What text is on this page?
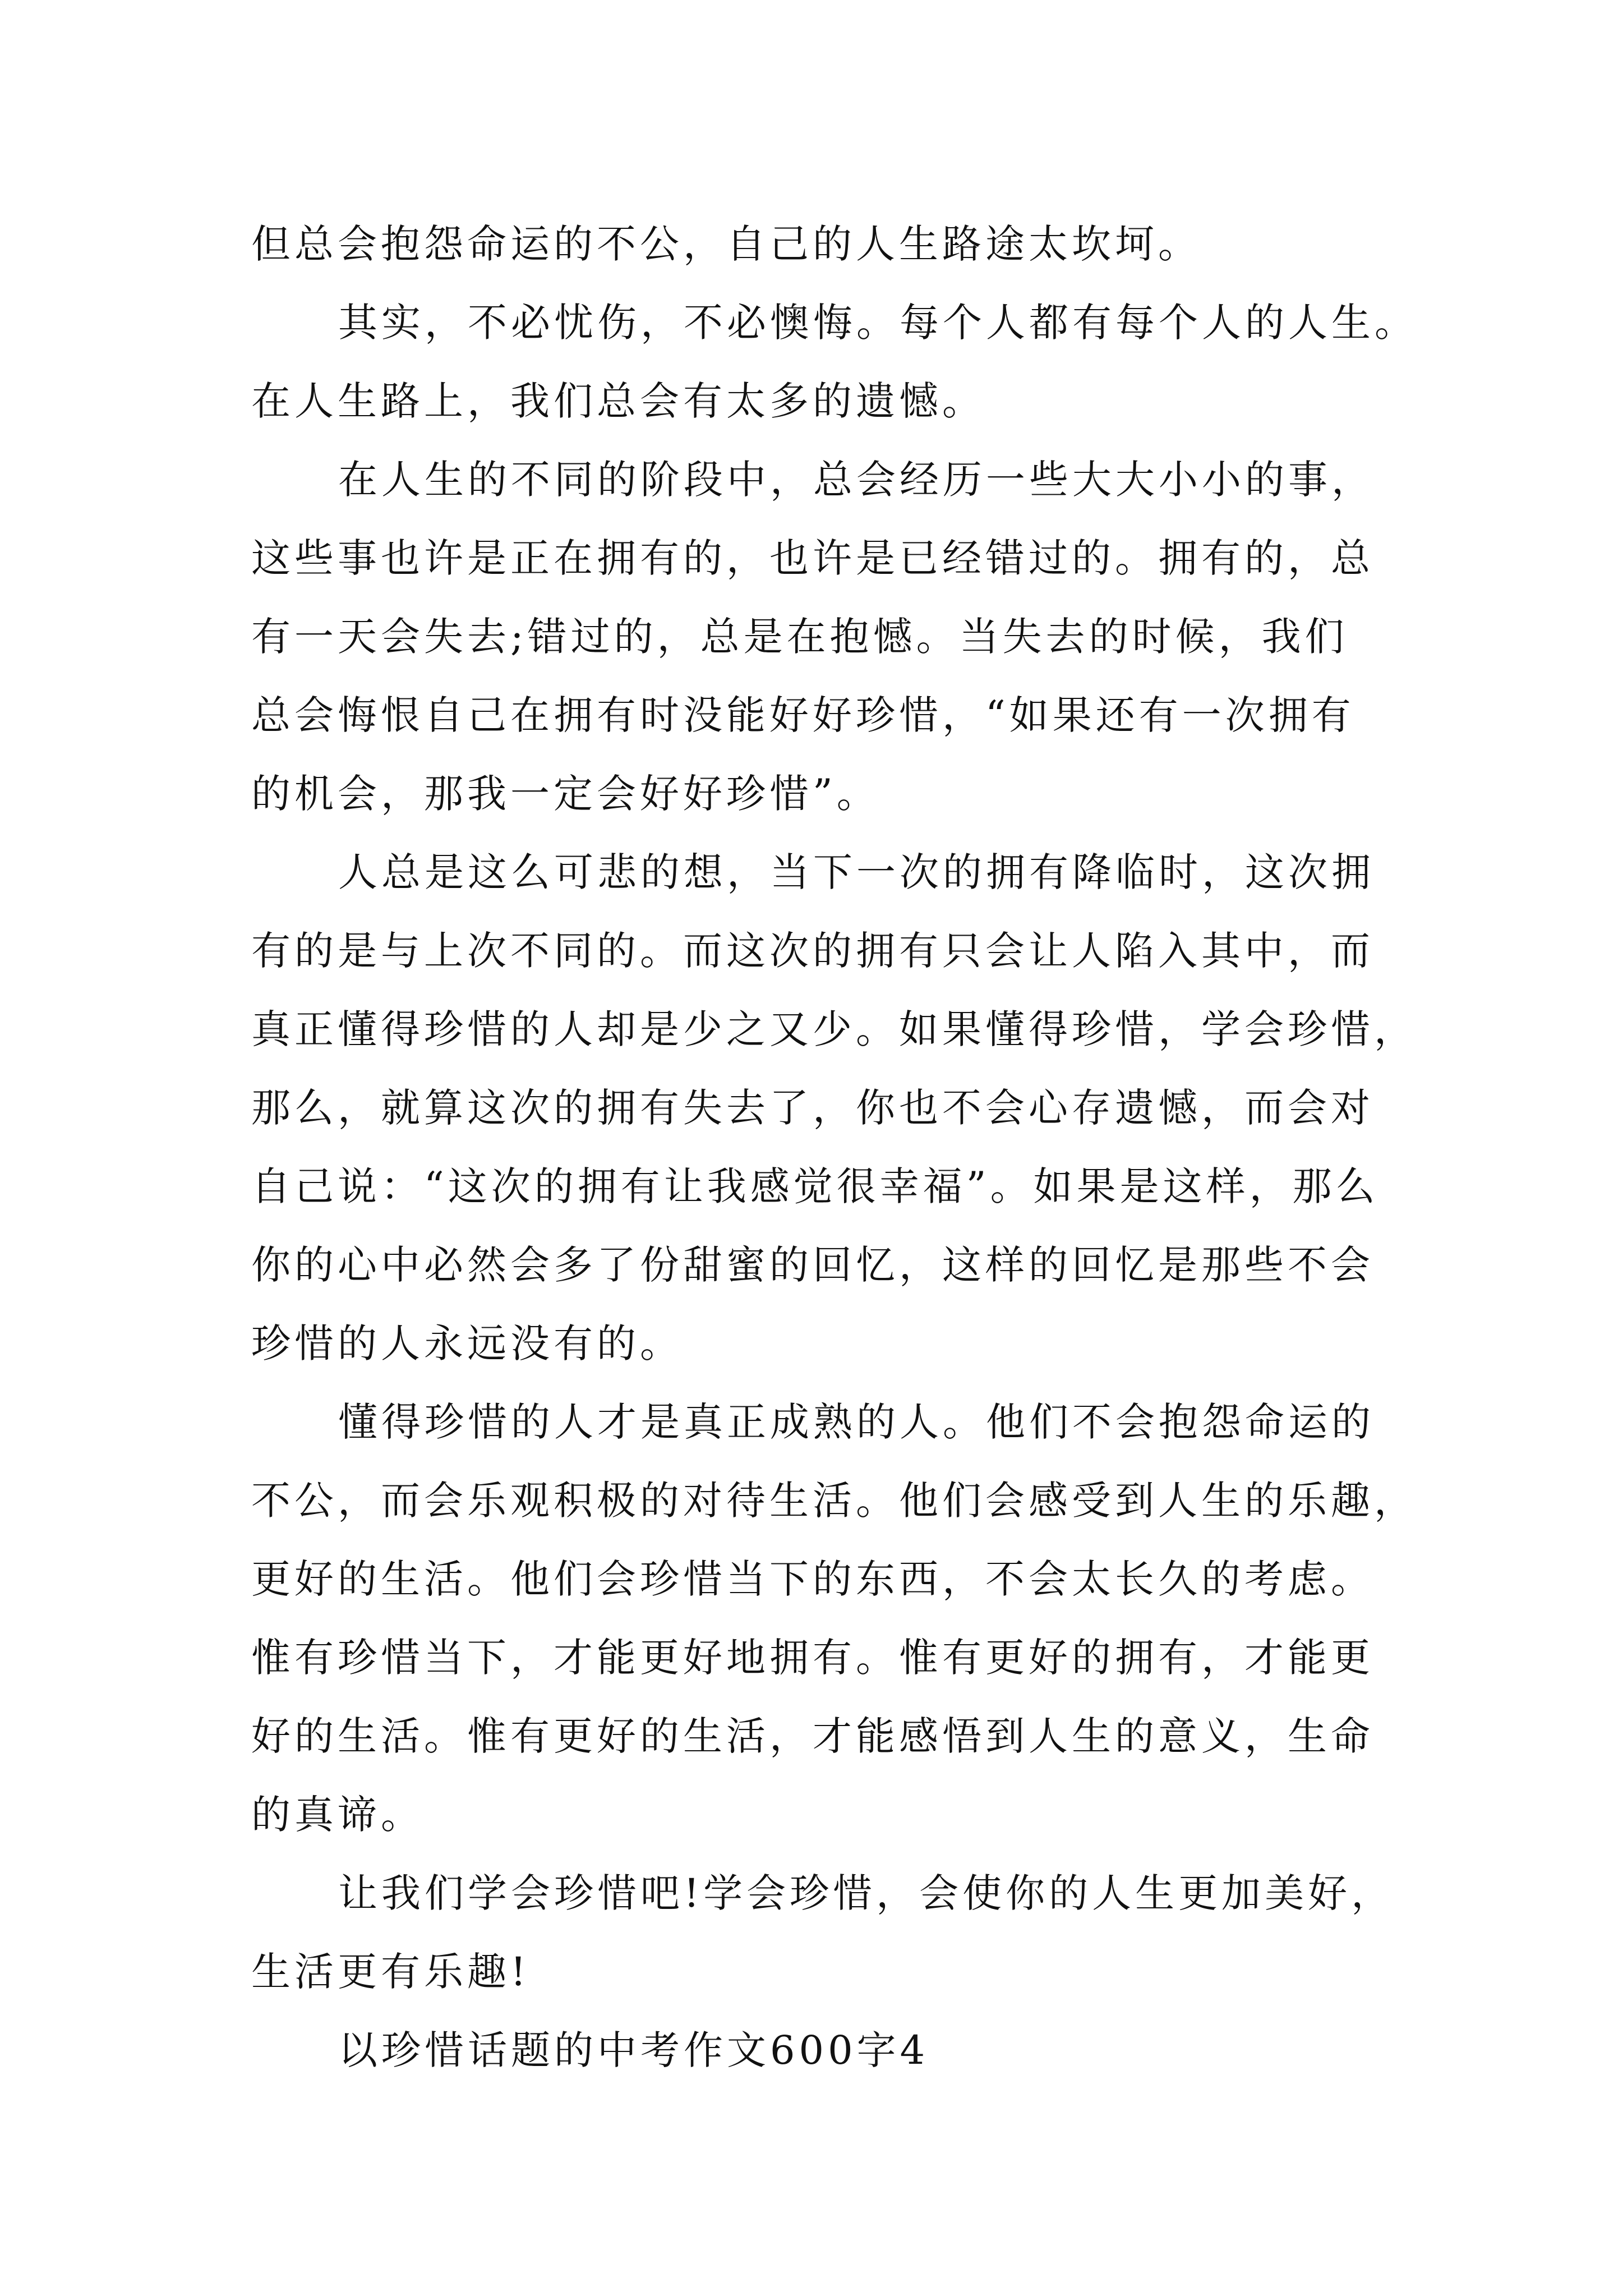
但总会抱怨命运的不公，自己的人生路途太坎坷。
其实，不必忧伤，不必懊悔。每个人都有每个人的人生。
在人生路上，我们总会有太多的遗憾。
在人生的不同的阶段中，总会经历一些大大小小的事，
这些事也许是正在拥有的，也许是已经错过的。拥有的，总
有一天会失去;错过的，总是在抱憾。当失去的时候，我们
总会悔恨自己在拥有时没能好好珍惜，“如果还有一次拥有
的机会，那我一定会好好珍惜”。
人总是这么可悲的想，当下一次的拥有降临时，这次拥
有的是与上次不同的。而这次的拥有只会让人陷入其中，而
真正懂得珍惜的人却是少之又少。如果懂得珍惜，学会珍惜，
那么，就算这次的拥有失去了，你也不会心存遗憾，而会对
自己说：“这次的拥有让我感觉很幸福”。如果是这样，那么
你的心中必然会多了份甜蜜的回忆，这样的回忆是那些不会
珍惜的人永远没有的。
懂得珍惜的人才是真正成熟的人。他们不会抱怨命运的
不公，而会乐观积极的对待生活。他们会感受到人生的乐趣，
更好的生活。他们会珍惜当下的东西，不会太长久的考虑。
惟有珍惜当下，才能更好地拥有。惟有更好的拥有，才能更
好的生活。惟有更好的生活，才能感悟到人生的意义，生命
的真谛。
让我们学会珍惜吧!学会珍惜，会使你的人生更加美好，
生活更有乐趣!
以珍惜话题的中考作文600字4
